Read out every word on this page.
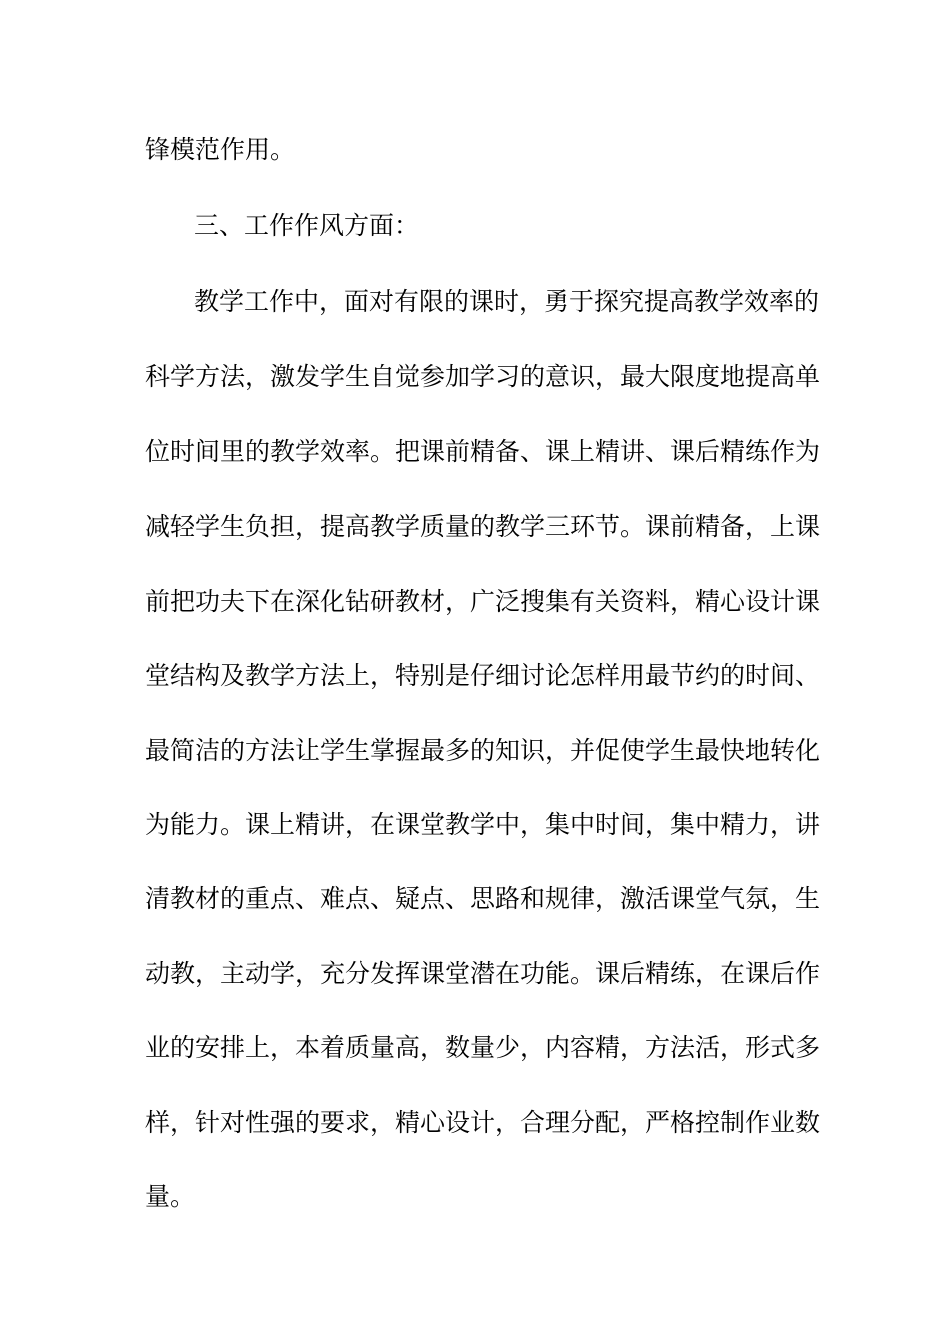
锋模范作用。
三、工作作风方面：
教学工作中，面对有限的课时，勇于探究提高教学效率的
科学方法，激发学生自觉参加学习的意识，最大限度地提高单
位时间里的教学效率。把课前精备、课上精讲、课后精练作为
减轻学生负担，提高教学质量的教学三环节。课前精备，上课
前把功夫下在深化钻研教材，广泛搜集有关资料，精心设计课
堂结构及教学方法上，特别是仔细讨论怎样用最节约的时间、
最简洁的方法让学生掌握最多的知识，并促使学生最快地转化
为能力。课上精讲，在课堂教学中，集中时间，集中精力，讲
清教材的重点、难点、疑点、思路和规律，激活课堂气氛，生
动教，主动学，充分发挥课堂潜在功能。课后精练，在课后作
业的安排上，本着质量高，数量少，内容精，方法活，形式多
样，针对性强的要求，精心设计，合理分配，严格控制作业数
量。
